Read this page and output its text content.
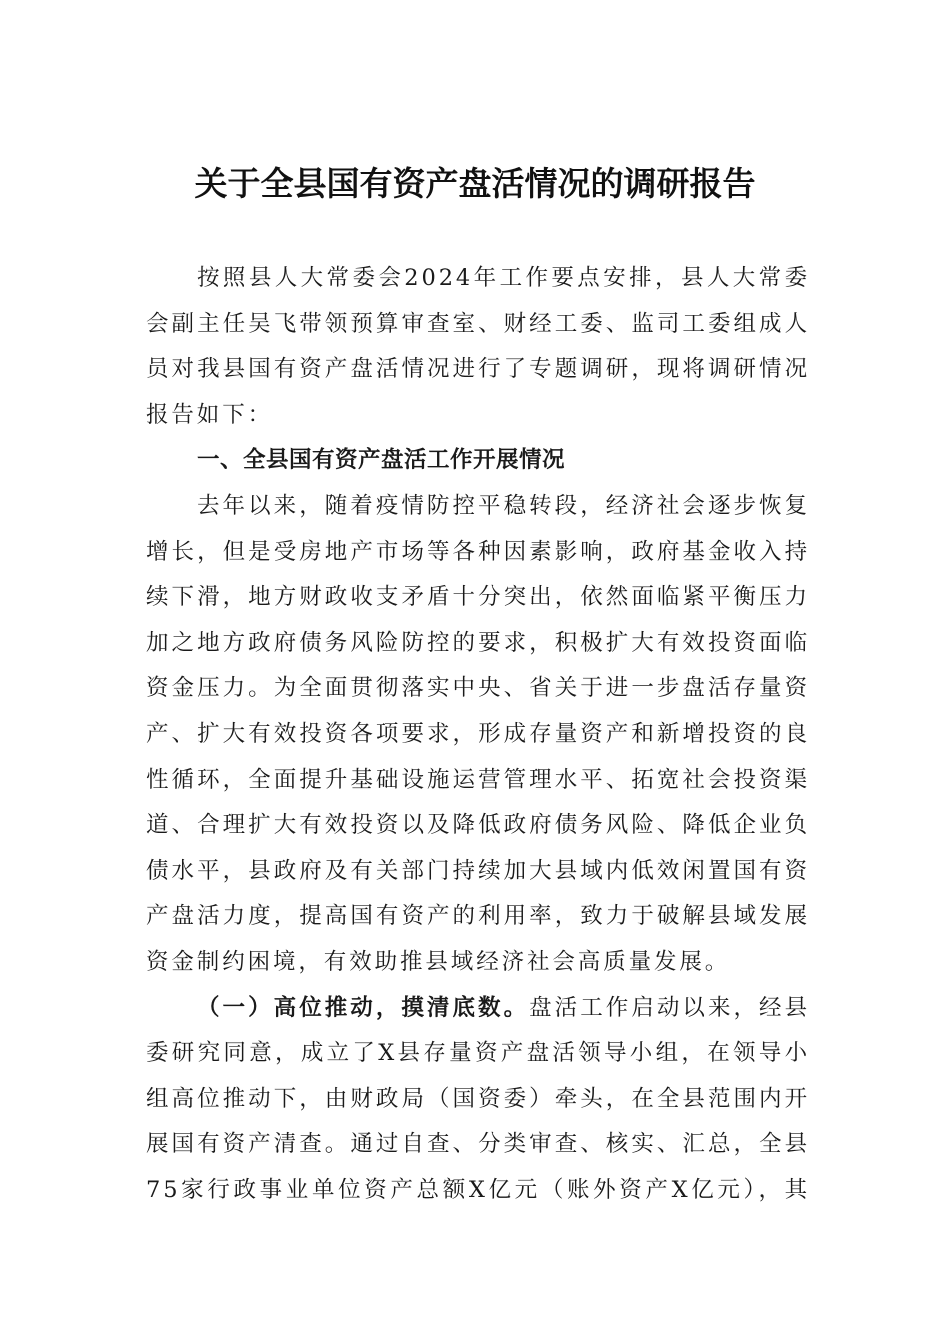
关于全县国有资产盘活情况的调研报告
按照县人大常委会2024年工作要点安排，县人大常委
会副主任吴飞带领预算审查室、财经工委、监司工委组成人
员对我县国有资产盘活情况进行了专题调研，现将调研情况
报告如下：
一、全县国有资产盘活工作开展情况
去年以来，随着疫情防控平稳转段，经济社会逐步恢复
增长，但是受房地产市场等各种因素影响，政府基金收入持
续下滑，地方财政收支矛盾十分突出，依然面临紧平衡压力
加之地方政府债务风险防控的要求，积极扩大有效投资面临
资金压力。为全面贯彻落实中央、省关于进一步盘活存量资
产、扩大有效投资各项要求，形成存量资产和新增投资的良
性循环，全面提升基础设施运营管理水平、拓宽社会投资渠
道、合理扩大有效投资以及降低政府债务风险、降低企业负
债水平，县政府及有关部门持续加大县域内低效闲置国有资
产盘活力度，提高国有资产的利用率，致力于破解县域发展
资金制约困境，有效助推县域经济社会高质量发展。
（一）高位推动，摸清底数。盘活工作启动以来，经县
委研究同意，成立了X县存量资产盘活领导小组，在领导小
组高位推动下，由财政局（国资委）牵头，在全县范围内开
展国有资产清查。通过自查、分类审查、核实、汇总，全县
75家行政事业单位资产总额X亿元（账外资产X亿元），其
